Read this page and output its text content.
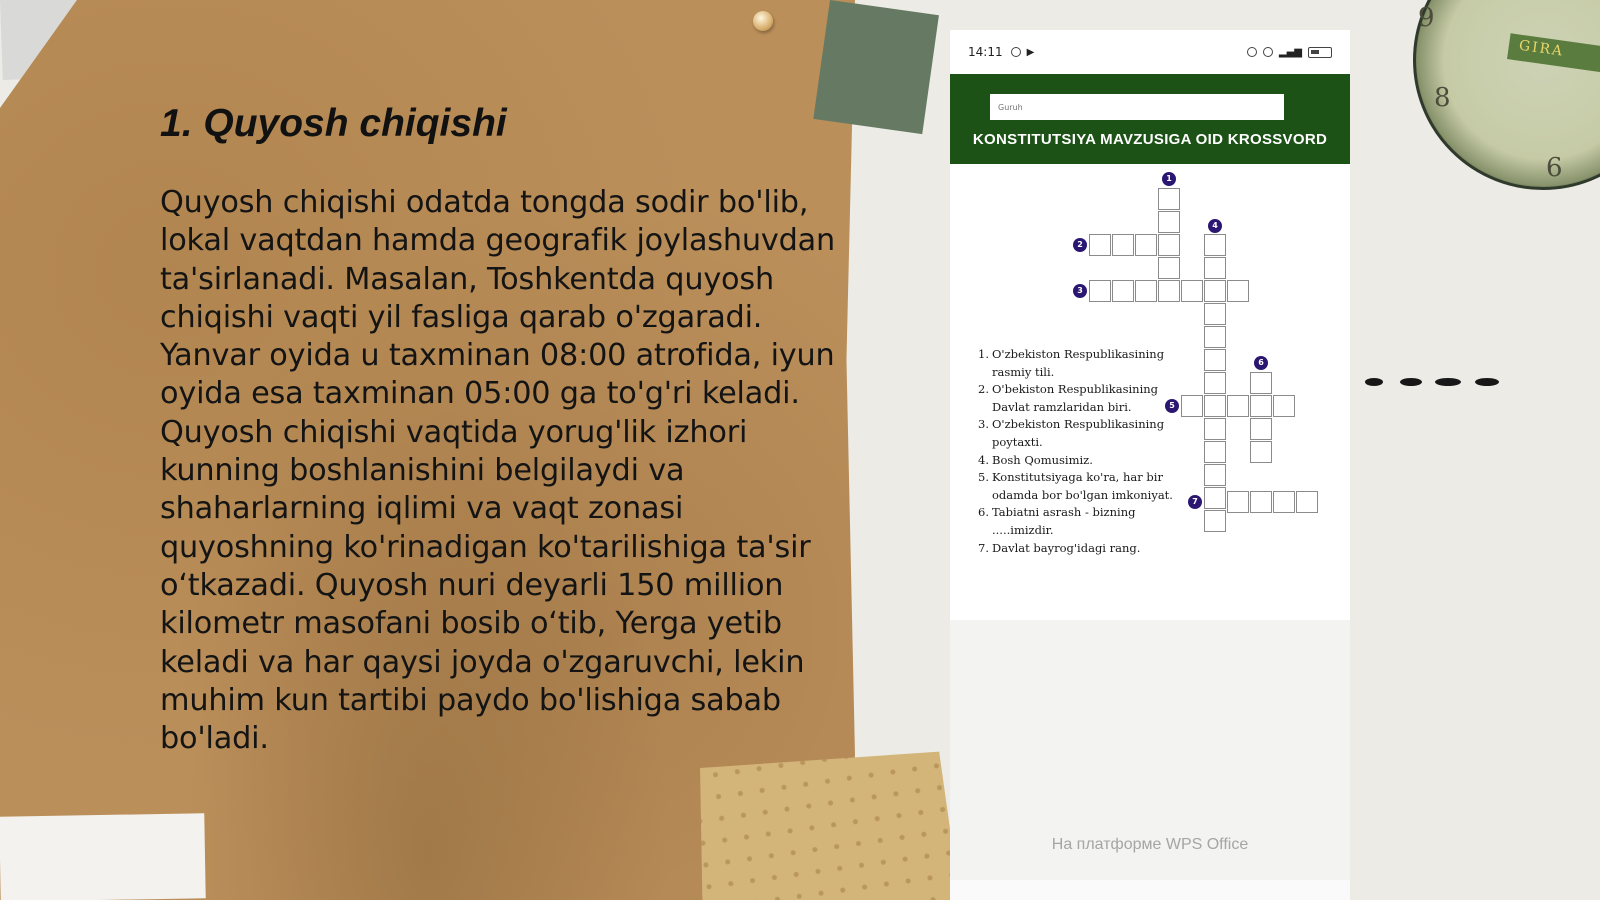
9
8
6
GIRA
1. Quyosh chiqishi

Quyosh chiqishi odatda tongda sodir bo'lib, lokal vaqtdan hamda geografik joylashuvdan ta'sirlanadi. Masalan, Toshkentda quyosh chiqishi vaqti yil fasliga qarab o'zgaradi. Yanvar oyida u taxminan 08:00 atrofida, iyun oyida esa taxminan 05:00 ga to'g'ri keladi. Quyosh chiqishi vaqtida yorug'lik izhori kunning boshlanishini belgilaydi va shaharlarning iqlimi va vaqt zonasi quyoshning ko'rinadigan ko'tarilishiga ta'sir o‘tkazadi. Quyosh nuri deyarli 150 million kilometr masofani bosib o‘tib, Yerga yetib keladi va har qaysi joyda o'zgaruvchi, lekin muhim kun tartibi paydo bo'lishiga sabab bo'ladi.

14:11 ▶	▂▄▆
Guruh
KONSTITUTSIYA MAVZUSIGA OID KROSSVORD
1
2
3
4
5
6
7
1. O'zbekiston Respublikasining rasmiy tili.
2. O'bekiston Respublikasining Davlat ramzlaridan biri.
3. O'zbekiston Respublikasining poytaxti.
4. Bosh Qomusimiz.
5. Konstitutsiyaga ko'ra, har bir odamda bor bo'lgan imkoniyat.
6. Tabiatni asrash - bizning .....imizdir.
7. Davlat bayrog'idagi rang.
На платформе WPS Office
